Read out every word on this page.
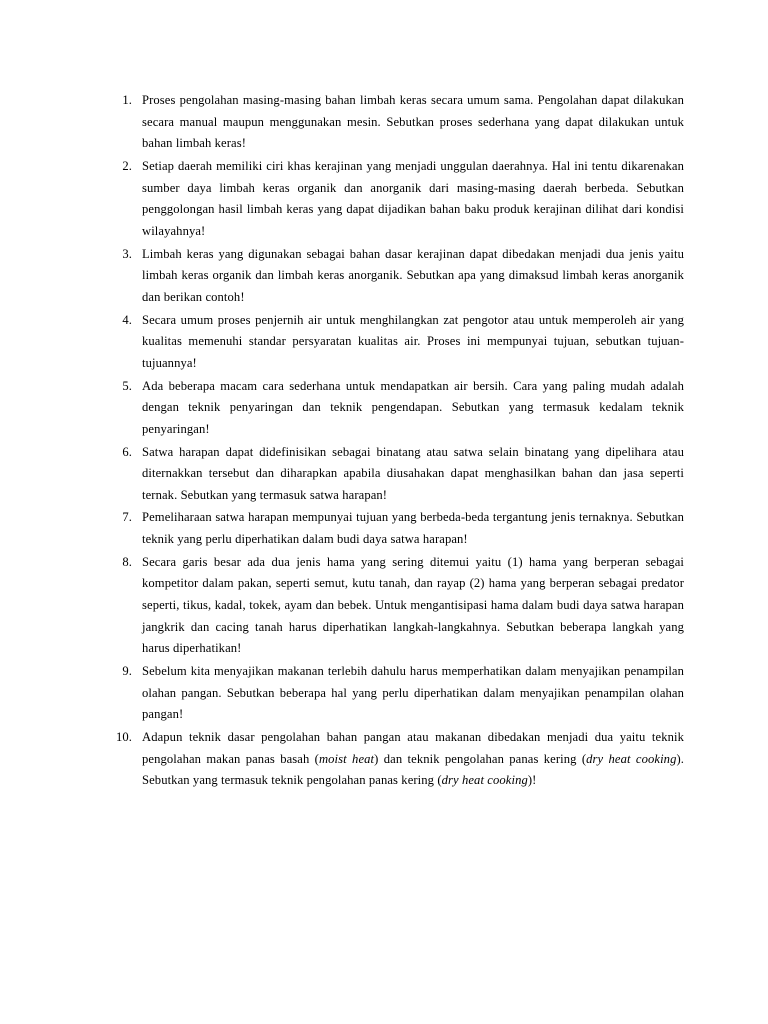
1. Proses pengolahan masing-masing bahan limbah keras secara umum sama. Pengolahan dapat dilakukan secara manual maupun menggunakan mesin. Sebutkan proses sederhana yang dapat dilakukan untuk bahan limbah keras!
2. Setiap daerah memiliki ciri khas kerajinan yang menjadi unggulan daerahnya. Hal ini tentu dikarenakan sumber daya limbah keras organik dan anorganik dari masing-masing daerah berbeda. Sebutkan penggolongan hasil limbah keras yang dapat dijadikan bahan baku produk kerajinan dilihat dari kondisi wilayahnya!
3. Limbah keras yang digunakan sebagai bahan dasar kerajinan dapat dibedakan menjadi dua jenis yaitu limbah keras organik dan limbah keras anorganik. Sebutkan apa yang dimaksud limbah keras anorganik dan berikan contoh!
4. Secara umum proses penjernih air untuk menghilangkan zat pengotor atau untuk memperoleh air yang kualitas memenuhi standar persyaratan kualitas air. Proses ini mempunyai tujuan, sebutkan tujuan-tujuannya!
5. Ada beberapa macam cara sederhana untuk mendapatkan air bersih. Cara yang paling mudah adalah dengan teknik penyaringan dan teknik pengendapan. Sebutkan yang termasuk kedalam teknik penyaringan!
6. Satwa harapan dapat didefinisikan sebagai binatang atau satwa selain binatang yang dipelihara atau diternakkan tersebut dan diharapkan apabila diusahakan dapat menghasilkan bahan dan jasa seperti ternak. Sebutkan yang termasuk satwa harapan!
7. Pemeliharaan satwa harapan mempunyai tujuan yang berbeda-beda tergantung jenis ternaknya. Sebutkan teknik yang perlu diperhatikan dalam budi daya satwa harapan!
8. Secara garis besar ada dua jenis hama yang sering ditemui yaitu (1) hama yang berperan sebagai kompetitor dalam pakan, seperti semut, kutu tanah, dan rayap (2) hama yang berperan sebagai predator seperti, tikus, kadal, tokek, ayam dan bebek. Untuk mengantisipasi hama dalam budi daya satwa harapan jangkrik dan cacing tanah harus diperhatikan langkah-langkahnya. Sebutkan beberapa langkah yang harus diperhatikan!
9. Sebelum kita menyajikan makanan terlebih dahulu harus memperhatikan dalam menyajikan penampilan olahan pangan. Sebutkan beberapa hal yang perlu diperhatikan dalam menyajikan penampilan olahan pangan!
10. Adapun teknik dasar pengolahan bahan pangan atau makanan dibedakan menjadi dua yaitu teknik pengolahan makan panas basah (moist heat) dan teknik pengolahan panas kering (dry heat cooking). Sebutkan yang termasuk teknik pengolahan panas kering (dry heat cooking)!
